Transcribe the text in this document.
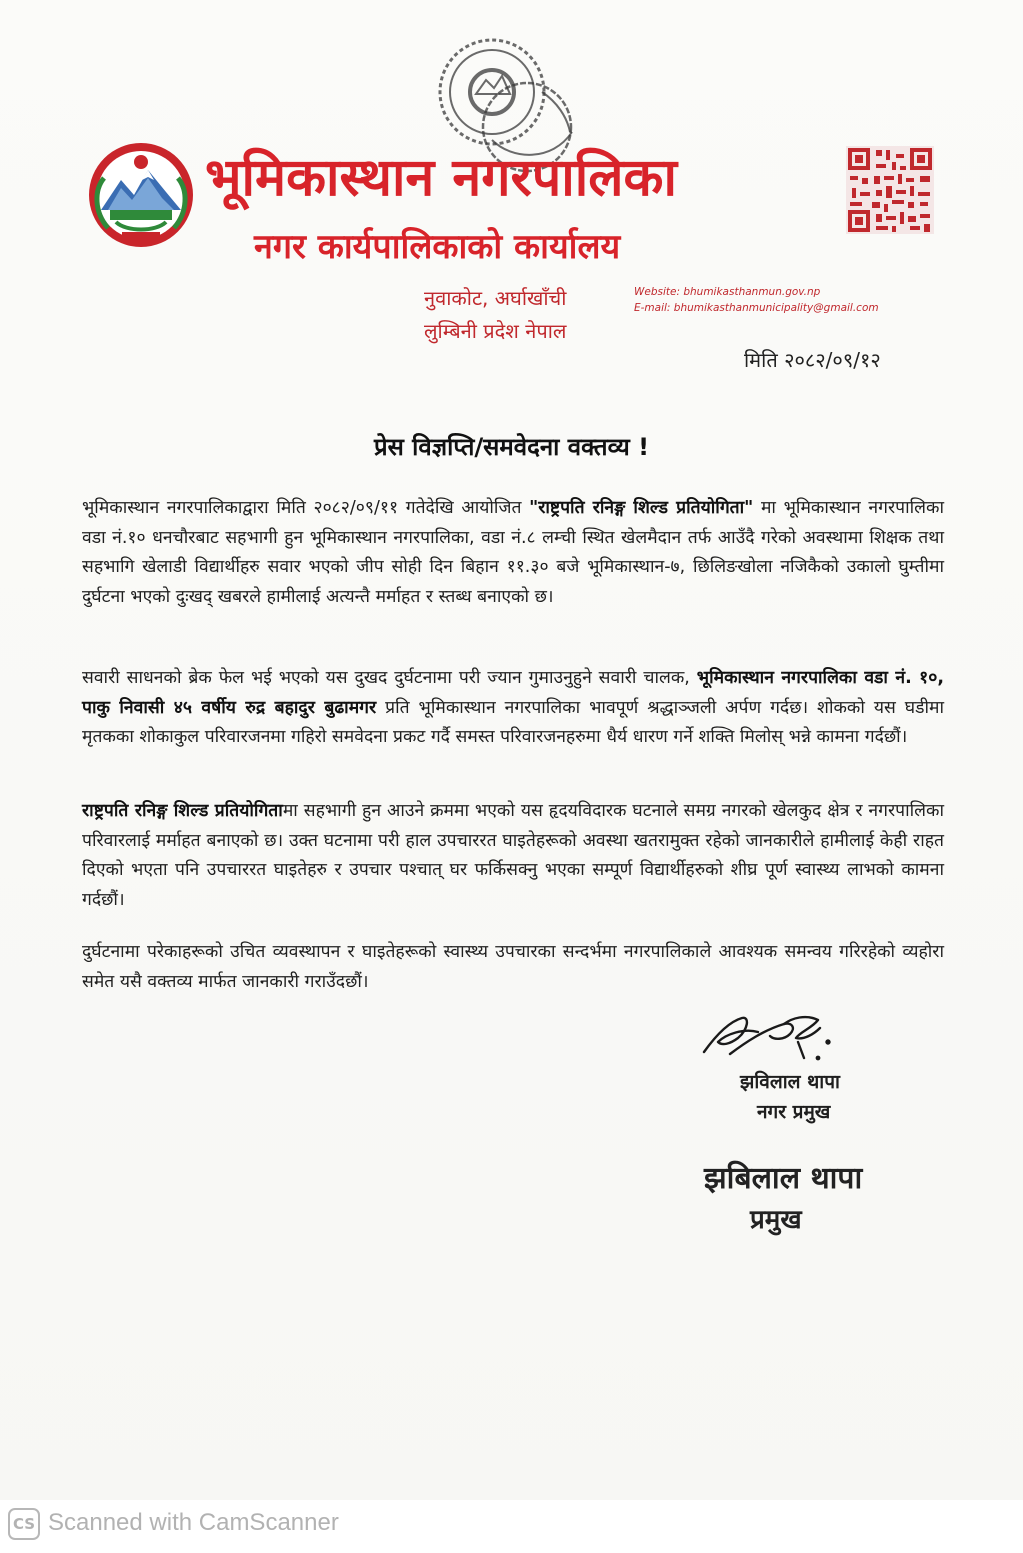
भूमिकास्थान नगरपालिका
नगर कार्यपालिकाको कार्यालय
नुवाकोट, अर्घाखाँची
लुम्बिनी प्रदेश नेपाल
Website: bhumikasthanmun.gov.np
E-mail: bhumikasthanmunicipality@gmail.com
मिति २०८२/०९/१२
प्रेस विज्ञप्ति/समवेदना वक्तव्य !
भूमिकास्थान नगरपालिकाद्वारा मिति २०८२/०९/११ गतेदेखि आयोजित "राष्ट्रपति रनिङ्ग शिल्ड प्रतियोगिता" मा भूमिकास्थान नगरपालिका वडा नं.१० धनचौरबाट सहभागी हुन भूमिकास्थान नगरपालिका, वडा नं.८ लम्ची स्थित खेलमैदान तर्फ आउँदै गरेको अवस्थामा शिक्षक तथा सहभागि खेलाडी विद्यार्थीहरु सवार भएको जीप सोही दिन बिहान ११.३० बजे भूमिकास्थान-७, छिलिङखोला नजिकैको उकालो घुम्तीमा दुर्घटना भएको दुःखद् खबरले हामीलाई अत्यन्तै मर्माहत र स्तब्ध बनाएको छ।
सवारी साधनको ब्रेक फेल भई भएको यस दुखद दुर्घटनामा परी ज्यान गुमाउनुहुने सवारी चालक, भूमिकास्थान नगरपालिका वडा नं. १०, पाकु निवासी ४५ वर्षीय रुद्र बहादुर बुढामगर प्रति भूमिकास्थान नगरपालिका भावपूर्ण श्रद्धाञ्जली अर्पण गर्दछ। शोकको यस घडीमा मृतकका शोकाकुल परिवारजनमा गहिरो समवेदना प्रकट गर्दै समस्त परिवारजनहरुमा धैर्य धारण गर्ने शक्ति मिलोस् भन्ने कामना गर्दछौं।
राष्ट्रपति रनिङ्ग शिल्ड प्रतियोगितामा सहभागी हुन आउने क्रममा भएको यस हृदयविदारक घटनाले समग्र नगरको खेलकुद क्षेत्र र नगरपालिका परिवारलाई मर्माहत बनाएको छ। उक्त घटनामा परी हाल उपचाररत घाइतेहरूको अवस्था खतरामुक्त रहेको जानकारीले हामीलाई केही राहत दिएको भएता पनि उपचाररत घाइतेहरु र उपचार पश्चात् घर फर्किसक्नु भएका सम्पूर्ण विद्यार्थीहरुको शीघ्र पूर्ण स्वास्थ्य लाभको कामना गर्दछौं।
दुर्घटनामा परेकाहरूको उचित व्यवस्थापन र घाइतेहरूको स्वास्थ्य उपचारका सन्दर्भमा नगरपालिकाले आवश्यक समन्वय गरिरहेको व्यहोरा समेत यसै वक्तव्य मार्फत जानकारी गराउँदछौं।
झविलाल थापा
नगर प्रमुख
झबिलाल थापा
प्रमुख
CS Scanned with CamScanner
